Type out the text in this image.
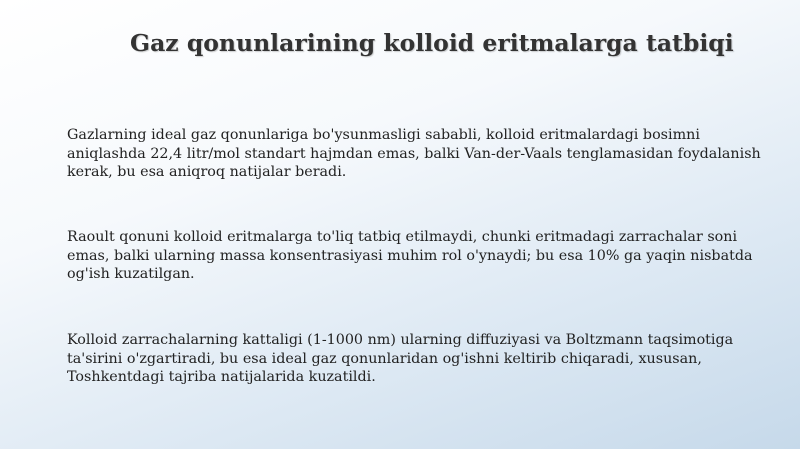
Gaz qonunlarining kolloid eritmalarga tatbiqi

Gazlarning ideal gaz qonunlariga bo'ysunmasligi sababli, kolloid eritmalardagi bosimni aniqlashda 22,4 litr/mol standart hajmdan emas, balki Van-der-Vaals tenglamasidan foydalanish kerak, bu esa aniqroq natijalar beradi.

Raoult qonuni kolloid eritmalarga to'liq tatbiq etilmaydi, chunki eritmadagi zarrachalar soni emas, balki ularning massa konsentrasiyasi muhim rol o'ynaydi; bu esa 10% ga yaqin nisbatda og'ish kuzatilgan.

Kolloid zarrachalarning kattaligi (1-1000 nm) ularning diffuziyasi va Boltzmann taqsimotiga ta'sirini o'zgartiradi, bu esa ideal gaz qonunlaridan og'ishni keltirib chiqaradi, xususan, Toshkentdagi tajriba natijalarida kuzatildi.
